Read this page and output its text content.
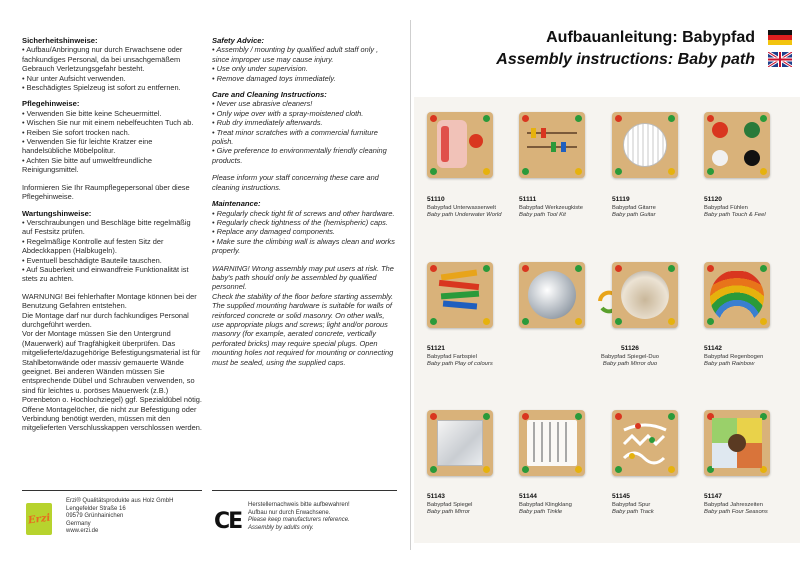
Sicherheitshinweise:

• Aufbau/Anbringung nur durch Erwachsene oder fachkundiges Personal, da bei unsachgemäßem Gebrauch Verletzungsgefahr besteht.

• Nur unter Aufsicht verwenden.

• Beschädigtes Spielzeug ist sofort zu entfernen.

Pflegehinweise:

• Verwenden Sie bitte keine Scheuermittel.

• Wischen Sie nur mit einem nebelfeuchten Tuch ab.

• Reiben Sie sofort trocken nach.

• Verwenden Sie für leichte Kratzer eine handelsübliche Möbelpolitur.

• Achten Sie bitte auf umweltfreundliche Reinigungsmittel.

Informieren Sie Ihr Raumpflegepersonal über diese Pflegehinweise.

Wartungshinweise:

• Verschraubungen und Beschläge bitte regelmäßig auf Festsitz prüfen.

• Regelmäßige Kontrolle auf festen Sitz der Abdeckkappen (Halbkugeln).

• Eventuell beschädigte Bauteile tauschen.

• Auf Sauberkeit und einwandfreie Funktionalität ist stets zu achten.

WARNUNG! Bei fehlerhafter Montage können bei der Benutzung Gefahren entstehen.

Die Montage darf nur durch fachkundiges Personal durchgeführt werden.

Vor der Montage müssen Sie den Untergrund (Mauerwerk) auf Tragfähigkeit überprüfen. Das mitgelieferte/dazugehörige Befestigungsmaterial ist für Stahlbetonwände oder massiv gemauerte Wände geeignet. Bei anderen Wänden müssen Sie entsprechende Dübel und Schrauben verwenden, so sind für leichtes u. poröses Mauerwerk (z.B.) Porenbeton o. Hochlochziegel) ggf. Spezialdübel nötig. Offene Montagelöcher, die nicht zur Befestigung oder Verbindung benötigt werden, müssen mit den mitgelieferten Verschlusskappen verschlossen werden.

Safety Advice:

• Assembly / mounting by qualified adult staff only , since improper use may cause injury.

• Use only under supervision.

• Remove damaged toys immediately.

Care and Cleaning Instructions:

• Never use abrasive cleaners!

• Only wipe over with a spray-moistened cloth.

• Rub dry immediately afterwards.

• Treat minor scratches with a commercial furniture polish.

• Give preference to environmentally friendly cleaning products.

Please inform your staff concerning these care and cleaning instructions.

Maintenance:

• Regularly check tight fit of screws and other hardware.

• Regularly check tightness of the (hemispheric) caps.

• Replace any damaged components.

• Make sure the climbing wall is always clean and works properly.

WARNING! Wrong assembly may put users at risk. The baby's path should only be assembled by qualified personnel.

Check the stability of the floor before starting assembly. The supplied mounting hardware is suitable for walls of reinforced concrete or solid masonry. On other walls, use appropriate plugs and screws; light and/or porous masonry (for example, aerated concrete, vertically perforated bricks) may require special plugs. Open mounting holes not required for mounting or connecting must be sealed, using the supplied caps.

Erzi
Erzi® Qualitätsprodukte aus Holz GmbH
Lengefelder Straße 16
09579 Grünhainichen
Germany
www.erzi.de	CE
Herstellernachweis bitte aufbewahren!
Aufbau nur durch Erwachsene.
Please keep manufacturers reference.
Assembly by adults only.
Aufbauanleitung: Babypfad
Assembly instructions: Baby path
51110
Babypfad Unterwasserwelt
Baby path Underwater World
51111
Babypfad Werkzeugkiste
Baby path Tool Kit
51119
Babypfad Gitarre
Baby path Guitar
51120
Babypfad Fühlen
Baby path Touch & Feel
51121
Babypfad Farbspiel
Baby path Play of colours
51126
Babypfad Spiegel-Duo
Baby path Mirror duo
51142
Babypfad Regenbogen
Baby path Rainbow
51143
Babypfad Spiegel
Baby path Mirror
51144
Babypfad Klingklang
Baby path Tinkle
51145
Babypfad Spur
Baby path Track
51147
Babypfad Jahreszeiten
Baby path Four Seasons
